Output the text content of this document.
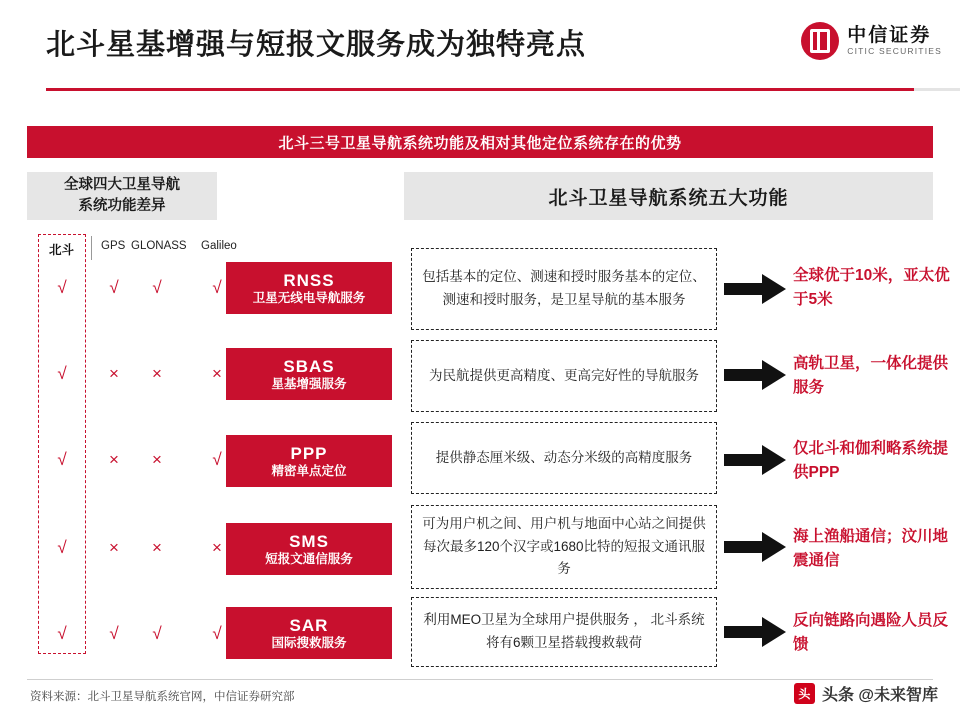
北斗星基增强与短报文服务成为独特亮点	中信证券
CITIC SECURITIES
北斗三号卫星导航系统功能及相对其他定位系统存在的优势
全球四大卫星导航
系统功能差异	北斗卫星导航系统五大功能
北斗 GPS GLONASS Galileo
√	√	√	√
√	×	×	×
√	×	×	√
√	×	×	×
√	√	√	√
RNSS
卫星无线电导航服务
包括基本的定位、测速和授时服务基本的定位、测速和授时服务，是卫星导航的基本服务
全球优于10米，亚太优于5米
SBAS
星基增强服务
为民航提供更高精度、更高完好性的导航服务
高轨卫星，一体化提供服务
PPP
精密单点定位
提供静态厘米级、动态分米级的高精度服务
仅北斗和伽利略系统提供PPP
SMS
短报文通信服务
可为用户机之间、用户机与地面中心站之间提供每次最多120个汉字或1680比特的短报文通讯服务
海上渔船通信；汶川地震通信
SAR
国际搜救服务
利用MEO卫星为全球用户提供服务 ， 北斗系统将有6颗卫星搭载搜救载荷
反向链路向遇险人员反馈
资料来源：北斗卫星导航系统官网，中信证券研究部	头 头条 @未来智库
